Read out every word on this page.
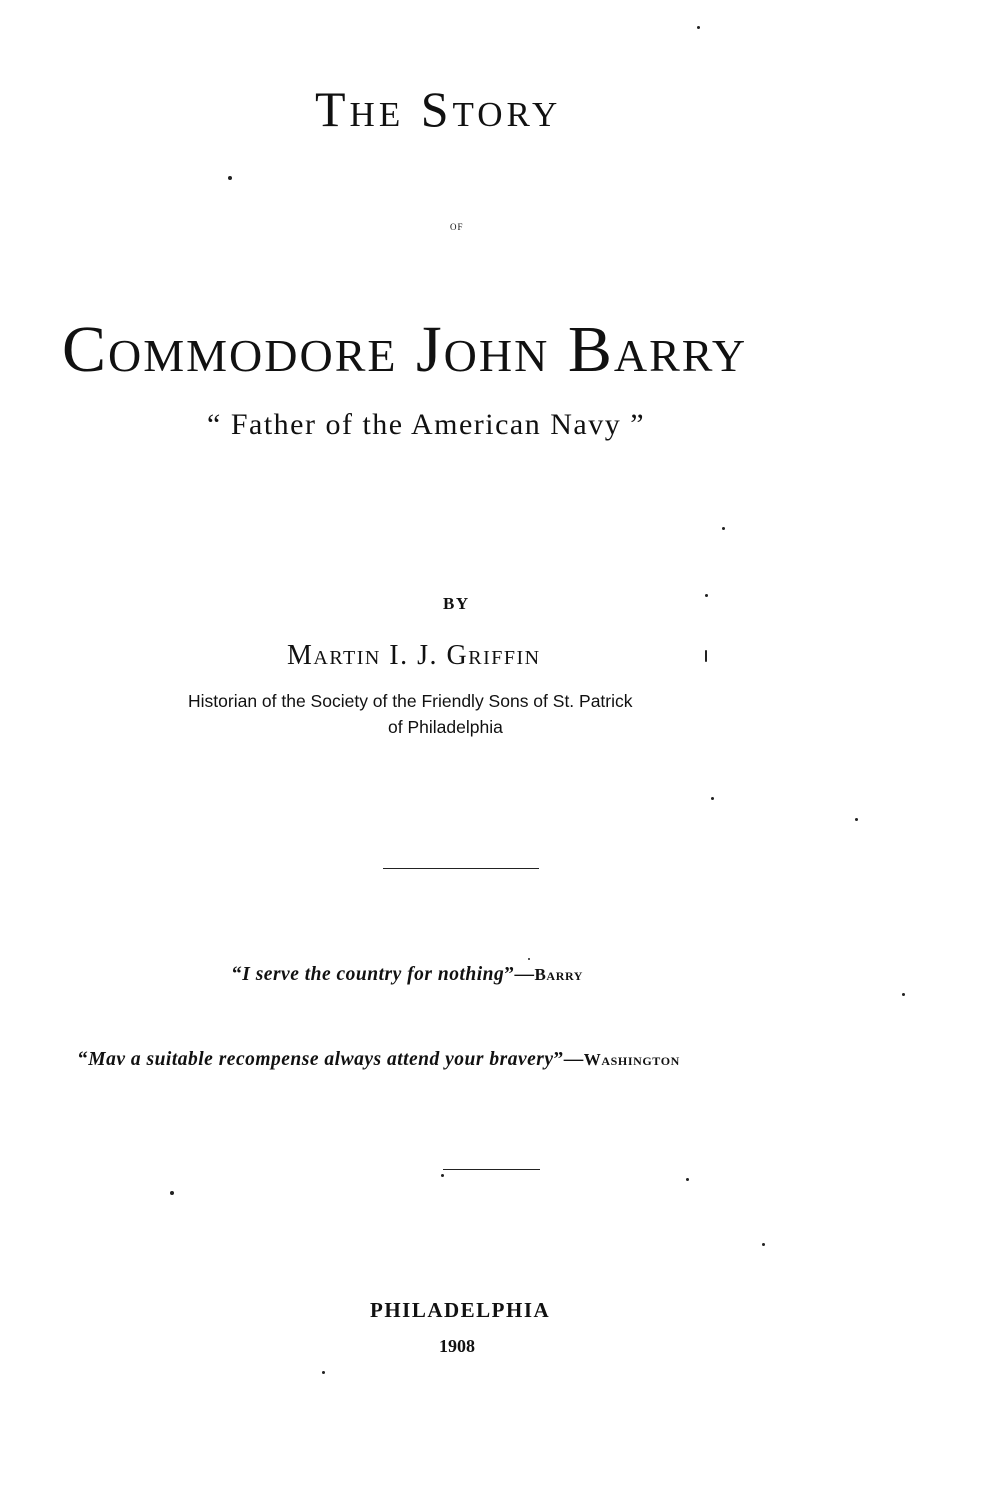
The Story
of
Commodore John Barry
“ Father of the American Navy ”
BY
Martin I. J. Griffin
Historian of the Society of the Friendly Sons of St. Patrick
of Philadelphia
“I serve the country for nothing”—Barry
“Mav a suitable recompense always attend your bravery”—Washington
PHILADELPHIA
1908
